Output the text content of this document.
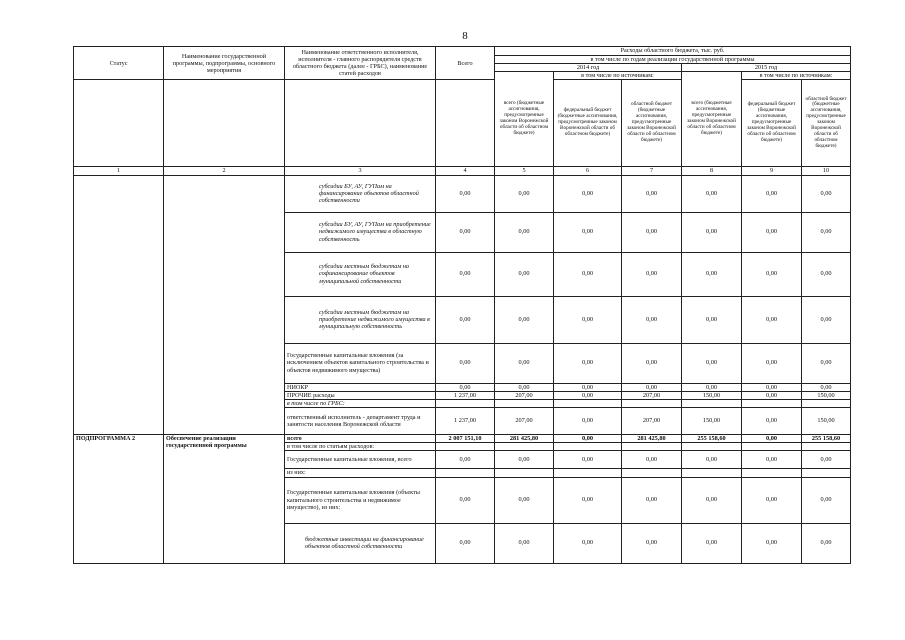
8
Статус	Наименование государственной программы, подпрограммы, основного мероприятия	Наименование ответственного исполнителя, исполнителя - главного распорядителя средств областного бюджета (далее - ГРБС), наименование статей расходов	Всего	Расходы областного бюджета, тыс. руб.					
				в том числе по годам реализации государственной программы					
				2014 год			2015 год		
				всего (бюджетные ассигнования, предусмотренные законом Воронежской области об областном бюджете)	в том числе по источникам:		всего (бюджетные ассигнования, предусмотренные законом Воронежской области об областном бюджете)	в том числе по источникам:	
					федеральный бюджет (бюджетные ассигнования, предусмотренные законом Воронежской области об областном бюджете)	областной бюджет (бюджетные ассигнования, предусмотренные законом Воронежской области об областном бюджете)		федеральный бюджет (бюджетные ассигнования, предусмотренные законом Воронежской области об областном бюджете)	областной бюджет (бюджетные ассигнования, предусмотренные законом Воронежской области об областном бюджете)
1	2	3	4	5	6	7	8	9	10
		субсидии БУ, АУ, ГУПам на финансирование объектов областной собственности	0,00	0,00	0,00	0,00	0,00	0,00	0,00
		субсидии БУ, АУ, ГУПам на приобретение недвижимого имущества в областную собственность	0,00	0,00	0,00	0,00	0,00	0,00	0,00
		субсидии местным бюджетам на софинансирование объектов муниципальной собственности	0,00	0,00	0,00	0,00	0,00	0,00	0,00
		субсидии местным бюджетам на приобретение недвижимого имущества в муниципальную собственность	0,00	0,00	0,00	0,00	0,00	0,00	0,00
		Государственные капитальные вложения (за исключением объектов капитального строительства и объектов недвижимого имущества)	0,00	0,00	0,00	0,00	0,00	0,00	0,00
		НИОКР	0,00	0,00	0,00	0,00	0,00	0,00	0,00
		ПРОЧИЕ расходы	1 237,00	207,00	0,00	207,00	150,00	0,00	150,00
		в том числе по ГРБС:							
		ответственный исполнитель - департамент труда и занятости населения Воронежской области	1 237,00	207,00	0,00	207,00	150,00	0,00	150,00
ПОДПРОГРАММА 2	Обеспечение реализации государственной программы	всего	2 007 151,10	281 425,80	0,00	281 425,80	255 158,60	0,00	255 158,60
		в том числе по статьям расходов:							
		Государственные капитальные вложения, всего	0,00	0,00	0,00	0,00	0,00	0,00	0,00
		из них:							
		Государственные капитальные вложения (объекты капитального строительства и недвижимое имущество), из них:	0,00	0,00	0,00	0,00	0,00	0,00	0,00
		бюджетные инвестиции на финансирование объектов областной собственности	0,00	0,00	0,00	0,00	0,00	0,00	0,00
